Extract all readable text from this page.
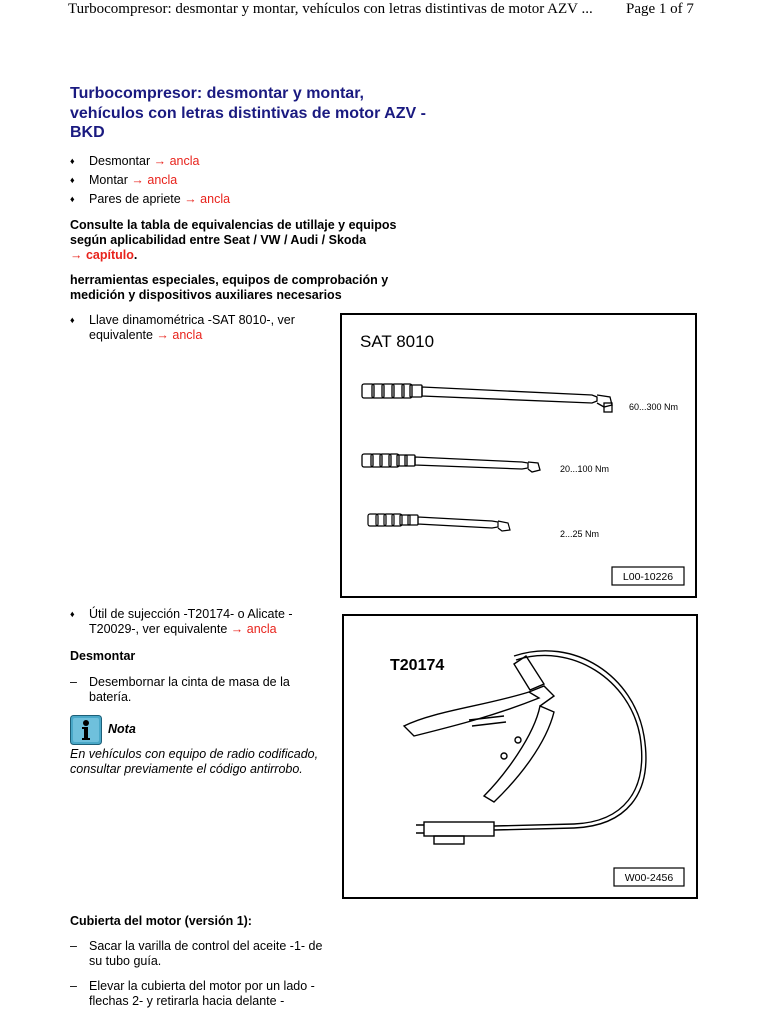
Turbocompresor: desmontar y montar, vehículos con letras distintivas de motor AZV ... Page 1 of 7
Turbocompresor: desmontar y montar,
vehículos con letras distintivas de motor AZV -
BKD
♦ Desmontar → ancla
♦ Montar → ancla
♦ Pares de apriete → ancla
Consulte la tabla de equivalencias de utillaje y equipos
según aplicabilidad entre Seat / VW / Audi / Skoda
→ capítulo.
herramientas especiales, equipos de comprobación y
medición y dispositivos auxiliares necesarios
♦ Llave dinamométrica -SAT 8010-, ver
equivalente → ancla	SAT 8010
60...300 Nm
20...100 Nm
2...25 Nm
L00-10226
♦ Útil de sujección -T20174- o Alicate -
T20029-, ver equivalente → ancla
T20174
W00-2456
Desmontar
– Desembornar la cinta de masa de la
batería.
Nota
En vehículos con equipo de radio codificado,
consultar previamente el código antirrobo.
Cubierta del motor (versión 1):
– Sacar la varilla de control del aceite -1- de
su tubo guía.
– Elevar la cubierta del motor por un lado -
flechas 2- y retirarla hacia delante -
